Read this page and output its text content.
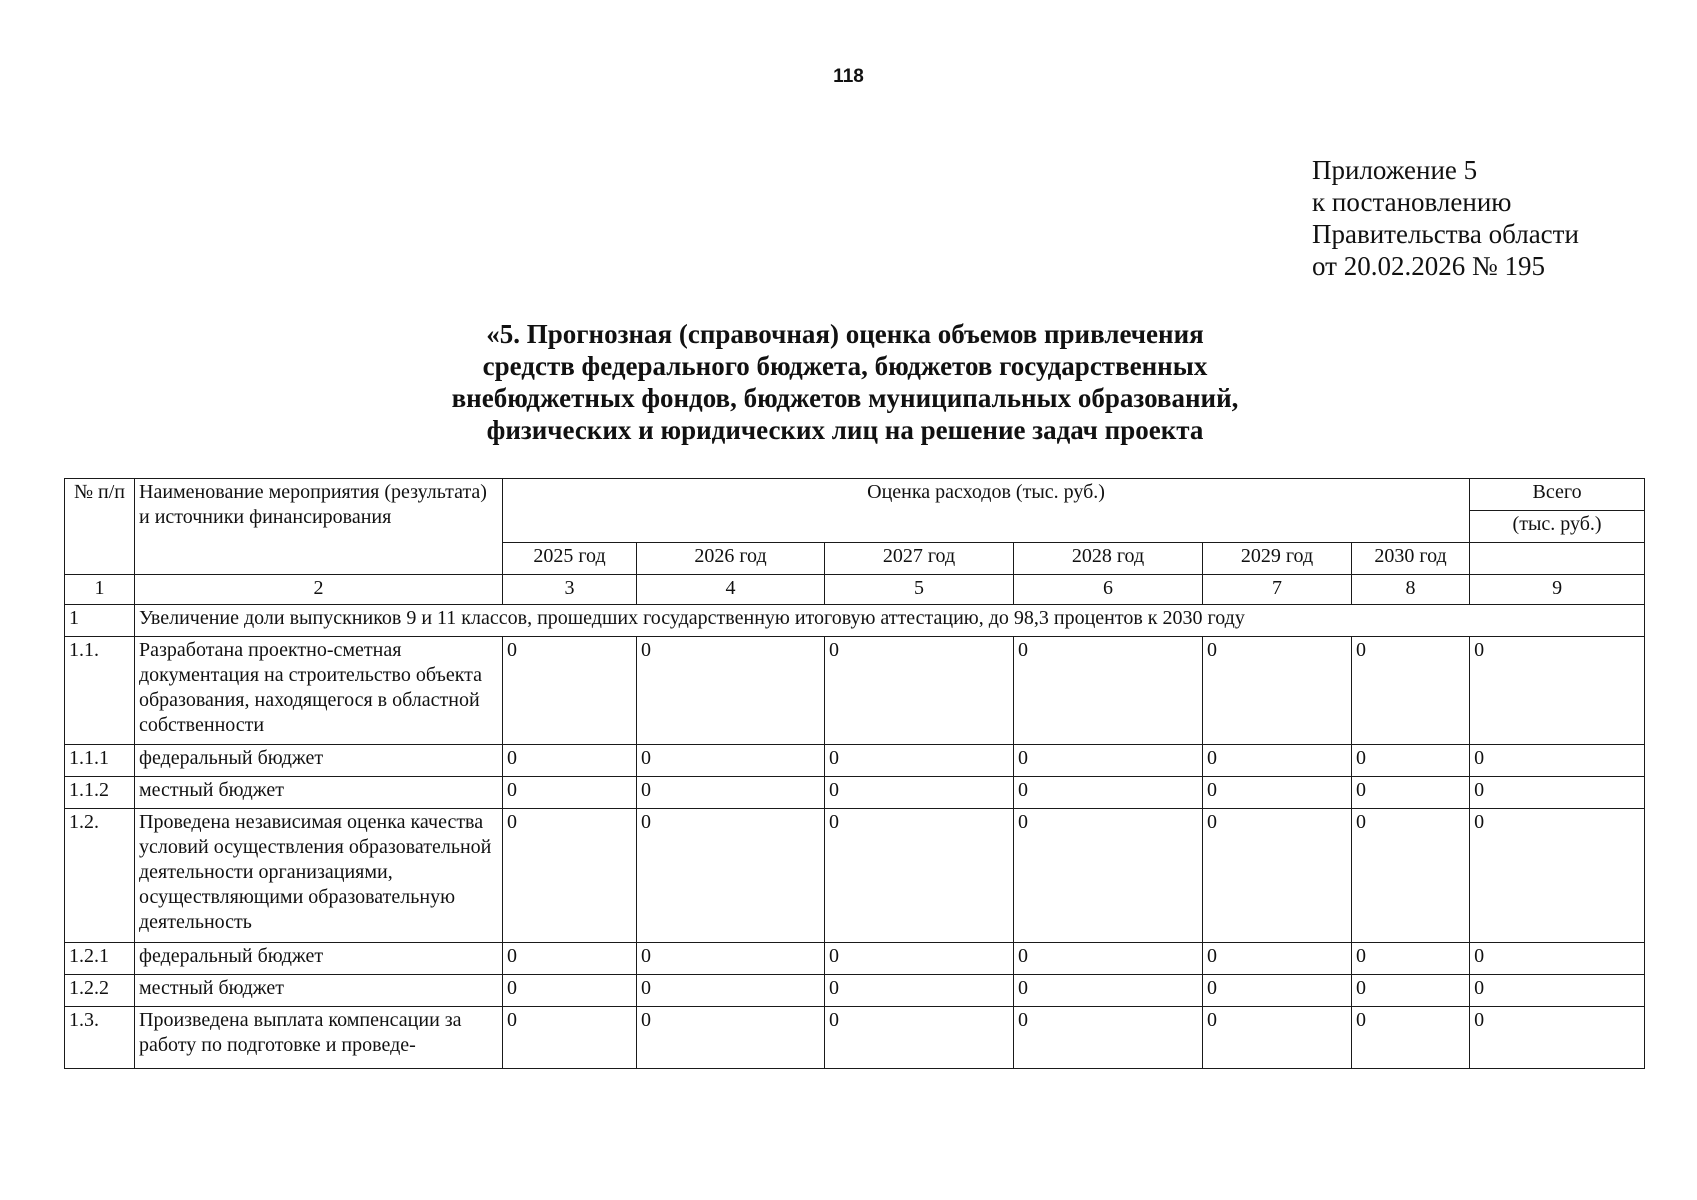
118
Приложение 5
к постановлению
Правительства области
от 20.02.2026 № 195
«5. Прогнозная (справочная) оценка объемов привлечения
средств федерального бюджета, бюджетов государственных
внебюджетных фондов, бюджетов муниципальных образований,
физических и юридических лиц на решение задач проекта
№ п/п	Наименование мероприятия (результата) и источники финансирования	Оценка расходов (тыс. руб.)						Всего
								(тыс. руб.)
		2025 год	2026 год	2027 год	2028 год	2029 год	2030 год	
1	2	3	4	5	6	7	8	9
1	Увеличение доли выпускников 9 и 11 классов, прошедших государственную итоговую аттестацию, до 98,3 процентов к 2030 году							
1.1.	Разработана проектно-сметная документация на строительство объекта образования, находящегося в областной собственности	0	0	0	0	0	0	0
1.1.1	федеральный бюджет	0	0	0	0	0	0	0
1.1.2	местный бюджет	0	0	0	0	0	0	0
1.2.	Проведена независимая оценка качества условий осуществления образовательной деятельности организациями, осуществляющими образовательную деятельность	0	0	0	0	0	0	0
1.2.1	федеральный бюджет	0	0	0	0	0	0	0
1.2.2	местный бюджет	0	0	0	0	0	0	0
1.3.	Произведена выплата компенсации за работу по подготовке и проведе-	0	0	0	0	0	0	0
